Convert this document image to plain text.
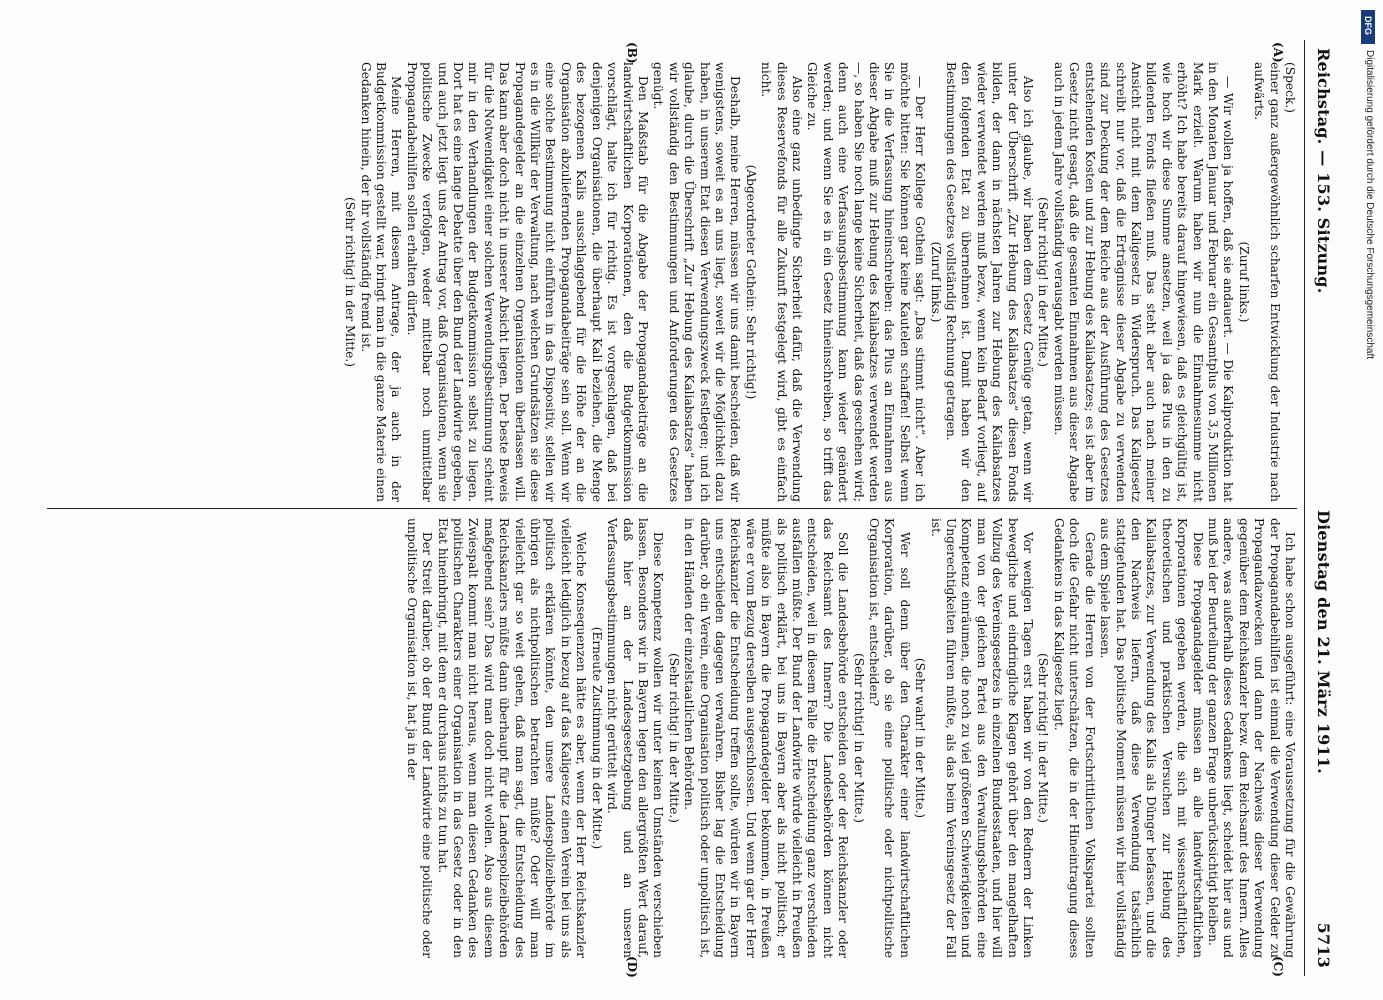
Reichstag. — 153. Sitzung.
Dienstag den 21. März 1911.
5713
(A)
(B)
(C)
(D)

(Speck.)

einer ganz außergewöhnlich scharfen Entwicklung der Industrie nach aufwärts.

(Zuruf links.)

— Wir wollen ja hoffen, daß sie andauert. — Die Kaliproduktion hat in den Monaten Januar und Februar ein Gesamtplus von 3,5 Millionen Mark erzielt. Warum haben wir nun die Einnahmesumme nicht erhöht? Ich habe bereits darauf hingewiesen, daß es gleichgültig ist, wie hoch wir diese Summe ansetzen, weil ja das Plus in den zu bildenden Fonds fließen muß. Das steht aber auch nach meiner Ansicht nicht mit dem Kaligesetz in Widerspruch. Das Kaligesetz schreibt nur vor, daß die Erträgnisse dieser Abgabe zu verwenden sind zur Deckung der dem Reiche aus der Ausführung des Gesetzes entstehenden Kosten und zur Hebung des Kaliabsatzes; es ist aber im Gesetz nicht gesagt, daß die gesamten Einnahmen aus dieser Abgabe auch in jedem Jahre vollständig verausgabt werden müssen.

(Sehr richtig! in der Mitte.)

Also ich glaube, wir haben dem Gesetz Genüge getan, wenn wir unter der Überschrift „Zur Hebung des Kaliabsatzes“ diesen Fonds bilden, der dann in nächsten Jahren zur Hebung des Kaliabsatzes wieder verwendet werden muß bezw., wenn kein Bedarf vorliegt, auf den folgenden Etat zu übernehmen ist. Damit haben wir den Bestimmungen des Gesetzes vollständig Rechnung getragen.

(Zuruf links.)

— Der Herr Kollege Gothein sagt: „Das stimmt nicht“. Aber ich möchte bitten: Sie können gar keine Kautelen schaffen! Selbst wenn Sie in die Verfassung hineinschreiben: das Plus an Einnahmen aus dieser Abgabe muß zur Hebung des Kaliabsatzes verwendet werden —, so haben Sie noch lange keine Sicherheit, daß das geschehen wird; denn auch eine Verfassungsbestimmung kann wieder geändert werden; und wenn Sie es in ein Gesetz hineinschreiben, so trifft das Gleiche zu.

Also eine ganz unbedingte Sicherheit dafür, daß die Verwendung dieses Reservefonds für alle Zukunft festgelegt wird, gibt es einfach nicht.

(Abgeordneter Gothein: Sehr richtig!)

Deshalb, meine Herren, müssen wir uns damit bescheiden, daß wir wenigstens, soweit es an uns liegt, soweit wir die Möglichkeit dazu haben, in unserem Etat diesen Verwendungszweck festlegen; und ich glaube, durch die Überschrift „Zur Hebung des Kaliabsatzes“ haben wir vollständig den Bestimmungen und Anforderungen des Gesetzes genügt.

Den Maßstab für die Abgabe der Propagandabeiträge an die landwirtschaftlichen Korporationen, den die Budgetkommission vorschlägt, halte ich für richtig. Es ist vorgeschlagen, daß bei denjenigen Organisationen, die überhaupt Kali beziehen, die Menge des bezogenen Kalis ausschlaggebend für die Höhe der an die Organisation abzuliefernden Propagandabeiträge sein soll. Wenn wir eine solche Bestimmung nicht einführen in das Dispositiv, stellen wir es in die Willkür der Verwaltung, nach welchen Grundsätzen sie diese Propagandegelder an die einzelnen Organisationen überlassen will. Das kann aber doch nicht in unserer Absicht liegen. Der beste Beweis für die Notwendigkeit einer solchen Verwendungsbestimmung scheint mir in den Verhandlungen der Budgetkommission selbst zu liegen. Dort hat es eine lange Debatte über den Bund der Landwirte gegeben, und auch jetzt liegt uns der Antrag vor, daß Organisationen, wenn sie politische Zwecke verfolgen, weder mittelbar noch unmittelbar Propagandabeihilfen sollen erhalten dürfen.

Meine Herren, mit diesem Antrage, der ja auch in der Budgetkommission gestellt war, bringt man in die ganze Materie einen Gedanken hinein, der ihr vollständig fremd ist.

(Sehr richtig! in der Mitte.)

Ich habe schon ausgeführt: eine Voraussetzung für die Gewährung der Propagandabeihilfen ist einmal die Verwendung dieser Gelder zu Propagandazwecken und dann der Nachweis dieser Verwendung gegenüber dem Reichskanzler bezw. dem Reichsamt des Innern. Alles andere, was außerhalb dieses Gedankens liegt, scheidet hier aus und muß bei der Beurteilung der ganzen Frage unberücksichtigt bleiben.

Diese Propagandagelder müssen an alle landwirtschaftlichen Korporationen gegeben werden, die sich mit wissenschaftlichen, theoretischen und praktischen Versuchen zur Hebung des Kaliabsatzes, zur Verwendung des Kalis als Dünger befassen, und die den Nachweis liefern, daß diese Verwendung tatsächlich stattgefunden hat. Das politische Moment müssen wir hier vollständig aus dem Spiele lassen.

Gerade die Herren von der Fortschrittlichen Volkspartei sollten doch die Gefahr nicht unterschätzen, die in der Hineintragung dieses Gedankens in das Kaligesetz liegt.

(Sehr richtig! in der Mitte.)

Vor wenigen Tagen erst haben wir von den Rednern der Linken bewegliche und eindringliche Klagen gehört über den mangelhaften Vollzug des Vereinsgesetzes in einzelnen Bundesstaaten, und hier will man von der gleichen Partei aus den Verwaltungsbehörden eine Kompetenz einräumen, die noch zu viel größeren Schwierigkeiten und Ungerechtigkeiten führen müßte, als das beim Vereinsgesetz der Fall ist.

(Sehr wahr! in der Mitte.)

Wer soll denn über den Charakter einer landwirtschaftlichen Korporation, darüber, ob sie eine politische oder nichtpolitische Organisation ist, entscheiden?

(Sehr richtig! in der Mitte.)

Soll die Landesbehörde entscheiden oder der Reichskanzler oder das Reichsamt des Innern? Die Landesbehörden können nicht entscheiden, weil in diesem Falle die Entscheidung ganz verschieden ausfallen müßte. Der Bund der Landwirte würde vielleicht in Preußen als politisch erklärt, bei uns in Bayern aber als nicht politisch; er müßte also in Bayern die Propagandegelder bekommen, in Preußen wäre er vom Bezug derselben ausgeschlossen. Und wenn gar der Herr Reichskanzler die Entscheidung treffen sollte, würden wir in Bayern uns entschieden dagegen verwahren. Bisher lag die Entscheidung darüber, ob ein Verein, eine Organisation politisch oder unpolitisch ist, in den Händen der einzelstaatlichen Behörden.

(Sehr richtig! in der Mitte.)

Diese Kompetenz wollen wir unter keinen Umständen verschieben lassen. Besonders wir in Bayern legen den allergrößten Wert darauf, daß hier an der Landesgesetzgebung und an unseren Verfassungsbestimmungen nicht gerüttelt wird.

(Erneute Zustimmung in der Mitte.)

Welche Konsequenzen hätte es aber, wenn der Herr Reichskanzler vielleicht lediglich in bezug auf das Kaligesetz einen Verein bei uns als politisch erklären könnte, den unsere Landespolizeibehörde im übrigen als nichtpolitischen betrachten müßte? Oder will man vielleicht gar so weit gehen, daß man sagt, die Entscheidung des Reichskanzlers müßte dann überhaupt für die Landespolizeibehörden maßgebend sein? Das wird man doch nicht wollen. Also aus diesem Zwiespalt kommt man nicht heraus, wenn man diesen Gedanken des politischen Charakters einer Organisation in das Gesetz oder in den Etat hineinbringt, mit dem er durchaus nichts zu tun hat.

Der Streit darüber, ob der Bund der Landwirte eine politische oder unpolitische Organisation ist, hat ja in der

DFG
Digitalisierung gefördert durch die Deutsche Forschungsgemeinschaft
